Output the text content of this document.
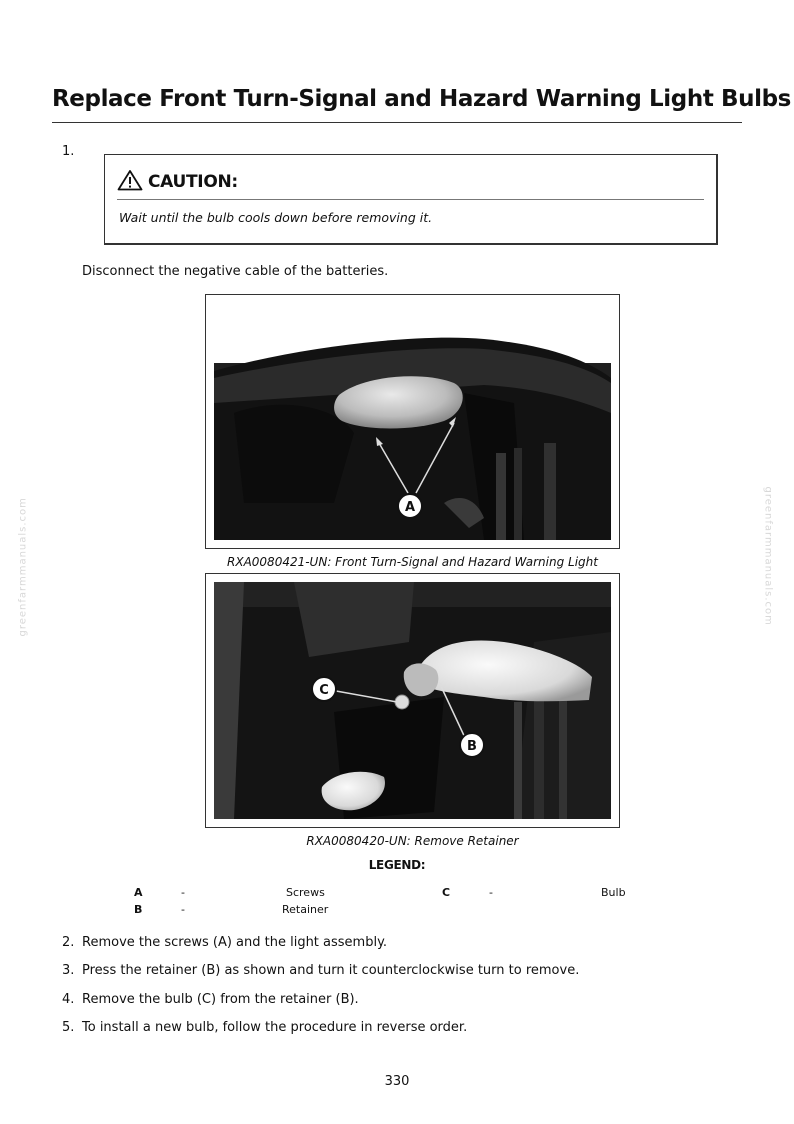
Replace Front Turn-Signal and Hazard Warning Light Bulbs
1.
CAUTION:
Wait until the bulb cools down before removing it.
Disconnect the negative cable of the batteries.
A
RXA0080421-UN: Front Turn-Signal and Hazard Warning Light
C
B
RXA0080420-UN: Remove Retainer
LEGEND:
A	-	Screws	C	-	Bulb
B	-	Retainer
2. Remove the screws (A) and the light assembly.
3. Press the retainer (B) as shown and turn it counterclockwise turn to remove.
4. Remove the bulb (C) from the retainer (B).
5. To install a new bulb, follow the procedure in reverse order.
330
greenfarmmanuals.com	greenfarmmanuals.com
